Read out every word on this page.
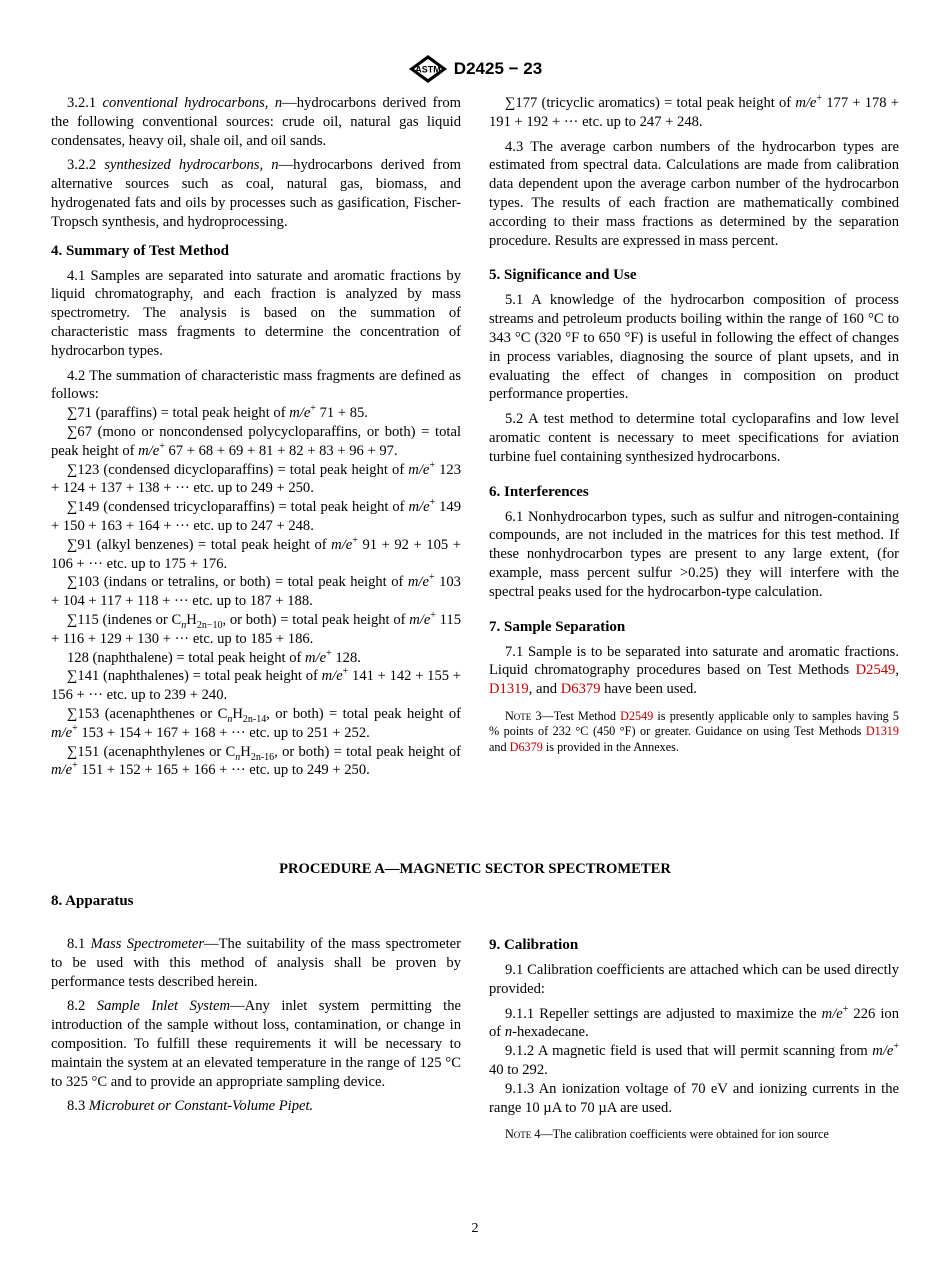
ASTM D2425 − 23

3.2.1 conventional hydrocarbons, n—hydrocarbons derived from the following conventional sources: crude oil, natural gas liquid condensates, heavy oil, shale oil, and oil sands.

3.2.2 synthesized hydrocarbons, n—hydrocarbons derived from alternative sources such as coal, natural gas, biomass, and hydrogenated fats and oils by processes such as gasification, Fischer-Tropsch synthesis, and hydroprocessing.

4. Summary of Test Method

4.1 Samples are separated into saturate and aromatic fractions by liquid chromatography, and each fraction is analyzed by mass spectrometry. The analysis is based on the summation of characteristic mass fragments to determine the concentration of hydrocarbon types.

4.2 The summation of characteristic mass fragments are defined as follows:

∑71 (paraffins) = total peak height of m/e+ 71 + 85.

∑67 (mono or noncondensed polycycloparaffins, or both) = total peak height of m/e+ 67 + 68 + 69 + 81 + 82 + 83 + 96 + 97.

∑123 (condensed dicycloparaffins) = total peak height of m/e+ 123 + 124 + 137 + 138 + ··· etc. up to 249 + 250.

∑149 (condensed tricycloparaffins) = total peak height of m/e+ 149 + 150 + 163 + 164 + ··· etc. up to 247 + 248.

∑91 (alkyl benzenes) = total peak height of m/e+ 91 + 92 + 105 + 106 + ··· etc. up to 175 + 176.

∑103 (indans or tetralins, or both) = total peak height of m/e+ 103 + 104 + 117 + 118 + ··· etc. up to 187 + 188.

∑115 (indenes or $C_nH_{2n-10}$, or both) = total peak height of m/e+ 115 + 116 + 129 + 130 + ··· etc. up to 185 + 186.

128 (naphthalene) = total peak height of m/e+ 128.

∑141 (naphthalenes) = total peak height of m/e+ 141 + 142 + 155 + 156 + ··· etc. up to 239 + 240.

∑153 (acenaphthenes or $C_nH_{2n-14}$, or both) = total peak height of m/e+ 153 + 154 + 167 + 168 + ··· etc. up to 251 + 252.

∑151 (acenaphthylenes or $C_nH_{2n-16}$, or both) = total peak height of m/e+ 151 + 152 + 165 + 166 + ··· etc. up to 249 + 250.

∑177 (tricyclic aromatics) = total peak height of m/e+ 177 + 178 + 191 + 192 + ··· etc. up to 247 + 248.

4.3 The average carbon numbers of the hydrocarbon types are estimated from spectral data. Calculations are made from calibration data dependent upon the average carbon number of the hydrocarbon types. The results of each fraction are mathematically combined according to their mass fractions as determined by the separation procedure. Results are expressed in mass percent.

5. Significance and Use

5.1 A knowledge of the hydrocarbon composition of process streams and petroleum products boiling within the range of 160 °C to 343 °C (320 °F to 650 °F) is useful in following the effect of changes in process variables, diagnosing the source of plant upsets, and in evaluating the effect of changes in composition on product performance properties.

5.2 A test method to determine total cycloparafins and low level aromatic content is necessary to meet specifications for aviation turbine fuel containing synthesized hydrocarbons.

6. Interferences

6.1 Nonhydrocarbon types, such as sulfur and nitrogen-containing compounds, are not included in the matrices for this test method. If these nonhydrocarbon types are present to any large extent, (for example, mass percent sulfur >0.25) they will interfere with the spectral peaks used for the hydrocarbon-type calculation.

7. Sample Separation

7.1 Sample is to be separated into saturate and aromatic fractions. Liquid chromatography procedures based on Test Methods D2549, D1319, and D6379 have been used.

Note 3—Test Method D2549 is presently applicable only to samples having 5 % points of 232 °C (450 °F) or greater. Guidance on using Test Methods D1319 and D6379 is provided in the Annexes.

PROCEDURE A—MAGNETIC SECTOR SPECTROMETER
8. Apparatus

8.1 Mass Spectrometer—The suitability of the mass spectrometer to be used with this method of analysis shall be proven by performance tests described herein.

8.2 Sample Inlet System—Any inlet system permitting the introduction of the sample without loss, contamination, or change in composition. To fulfill these requirements it will be necessary to maintain the system at an elevated temperature in the range of 125 °C to 325 °C and to provide an appropriate sampling device.

8.3 Microburet or Constant-Volume Pipet.

9. Calibration

9.1 Calibration coefficients are attached which can be used directly provided:

9.1.1 Repeller settings are adjusted to maximize the m/e+ 226 ion of n-hexadecane.

9.1.2 A magnetic field is used that will permit scanning from m/e+ 40 to 292.

9.1.3 An ionization voltage of 70 eV and ionizing currents in the range 10 µA to 70 µA are used.

Note 4—The calibration coefficients were obtained for ion source

2
